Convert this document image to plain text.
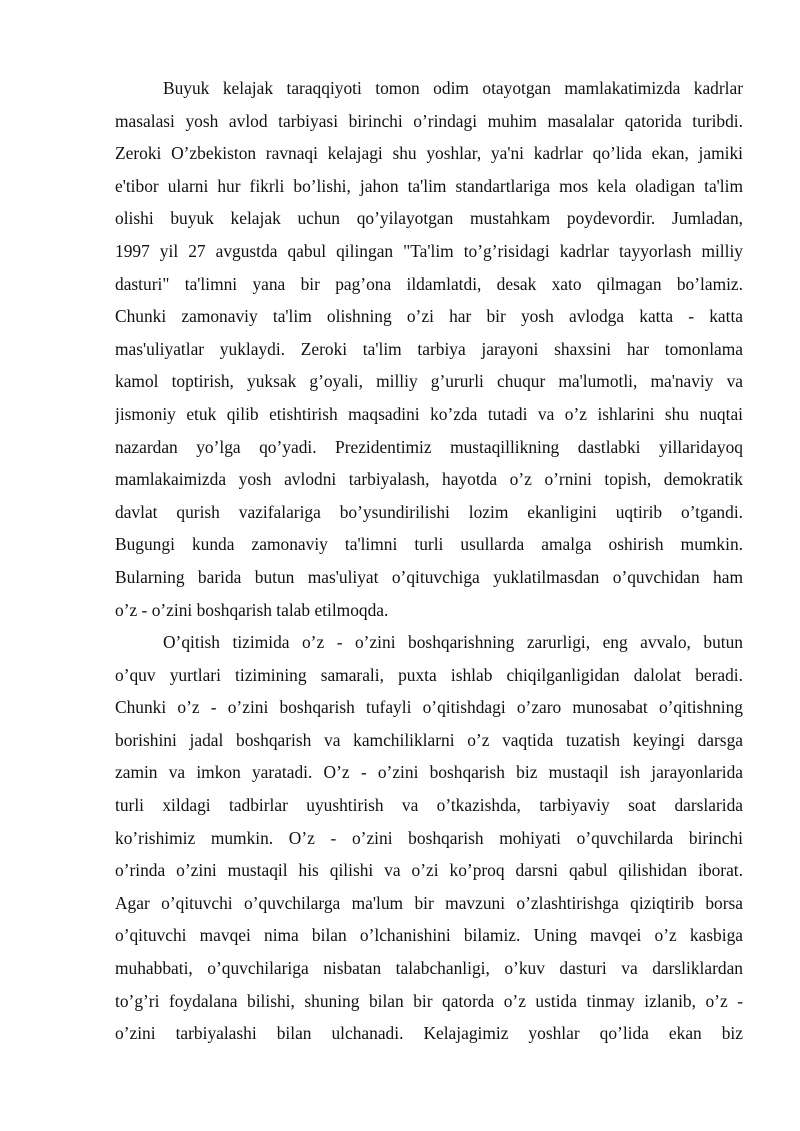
Buyuk kelajak taraqqiyoti tomon odim otayotgan mamlakatimizda kadrlar
masalasi yosh avlod tarbiyasi birinchi o’rindagi muhim masalalar qatorida turibdi.
Zeroki O’zbekiston ravnaqi kelajagi shu yoshlar, ya'ni kadrlar qo’lida ekan, jamiki
e'tibor ularni hur fikrli bo’lishi, jahon ta'lim standartlariga mos kela oladigan ta'lim
olishi buyuk kelajak uchun qo’yilayotgan mustahkam poydevordir. Jumladan,
1997 yil 27 avgustda qabul qilingan "Ta'lim to’g’risidagi kadrlar tayyorlash milliy
dasturi" ta'limni yana bir pag’ona ildamlatdi, desak xato qilmagan bo’lamiz.
Chunki zamonaviy ta'lim olishning o’zi har bir yosh avlodga katta - katta
mas'uliyatlar yuklaydi. Zeroki ta'lim tarbiya jarayoni shaxsini har tomonlama
kamol toptirish, yuksak g’oyali, milliy g’ururli chuqur ma'lumotli, ma'naviy va
jismoniy etuk qilib etishtirish maqsadini ko’zda tutadi va o’z ishlarini shu nuqtai
nazardan yo’lga qo’yadi. Prezidentimiz mustaqillikning dastlabki yillaridayoq
mamlakaimizda yosh avlodni tarbiyalash, hayotda o’z o’rnini topish, demokratik
davlat qurish vazifalariga bo’ysundirilishi lozim ekanligini uqtirib o’tgandi.
Bugungi kunda zamonaviy ta'limni turli usullarda amalga oshirish mumkin.
Bularning barida butun mas'uliyat o’qituvchiga yuklatilmasdan o’quvchidan ham
o’z - o’zini boshqarish talab etilmoqda.
O’qitish tizimida o’z - o’zini boshqarishning zarurligi, eng avvalo, butun
o’quv yurtlari tizimining samarali, puxta ishlab chiqilganligidan dalolat beradi.
Chunki o’z - o’zini boshqarish tufayli o’qitishdagi o’zaro munosabat o’qitishning
borishini jadal boshqarish va kamchiliklarni o’z vaqtida tuzatish keyingi darsga
zamin va imkon yaratadi. O’z - o’zini boshqarish biz mustaqil ish jarayonlarida
turli xildagi tadbirlar uyushtirish va o’tkazishda, tarbiyaviy soat darslarida
ko’rishimiz mumkin. O’z - o’zini boshqarish mohiyati o’quvchilarda birinchi
o’rinda o’zini mustaqil his qilishi va o’zi ko’proq darsni qabul qilishidan iborat.
Agar o’qituvchi o’quvchilarga ma'lum bir mavzuni o’zlashtirishga qiziqtirib borsa
o’qituvchi mavqei nima bilan o’lchanishini bilamiz. Uning mavqei o’z kasbiga
muhabbati, o’quvchilariga nisbatan talabchanligi, o’kuv dasturi va darsliklardan
to’g’ri foydalana bilishi, shuning bilan bir qatorda o’z ustida tinmay izlanib, o’z -
o’zini tarbiyalashi bilan ulchanadi. Kelajagimiz yoshlar qo’lida ekan biz
